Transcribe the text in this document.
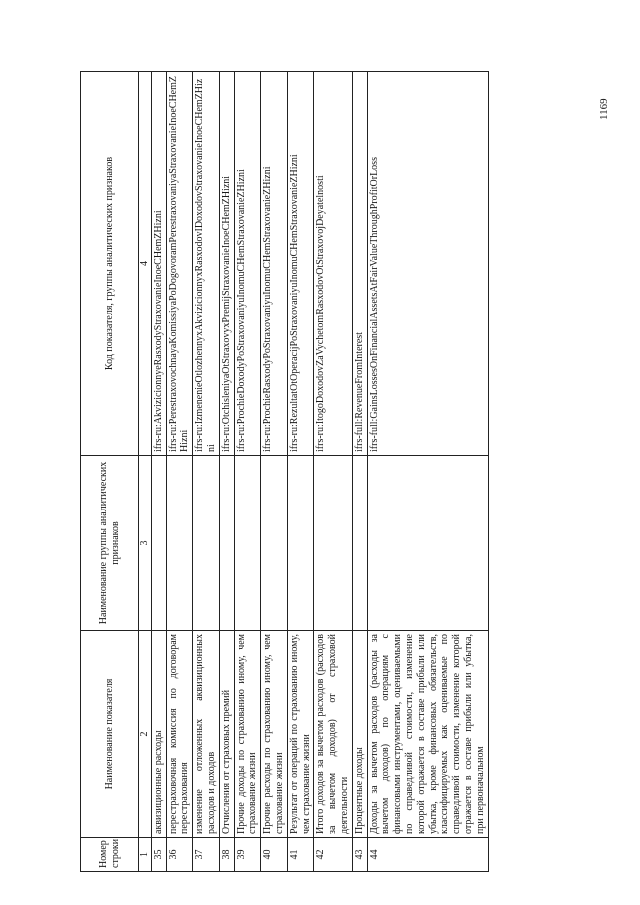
1169
Номер строки	Наименование показателя	Наименование группы аналитических признаков	Код показателя, группы аналитических признаков
1	2	3	4
35	аквизиционные расходы		ifrs-ru:AkvizicionnyeRasxodyStraxovanieInoeCHemZHizni
36	перестраховочная комиссия по договорам перестрахования		ifrs-ru:PerestraxovochnayaKomissiyaPoDogovoramPerestraxovaniyaStraxovanieInoeCHemZHizni
37	изменение отложенных аквизиционных расходов и доходов		ifrs-ru:IzmenenieOtlozhennyxAkvizicionnyxRasxodovIDoxodovStraxovanieInoeCHemZHizni
38	Отчисления от страховых премий		ifrs-ru:OtchisleniyaOtStraxovyxPremijStraxovanieInoeCHemZHizni
39	Прочие доходы по страхованию иному, чем страхование жизни		ifrs-ru:ProchieDoxodyPoStraxovaniyuInomuCHemStraxovanieZHizni
40	Прочие расходы по страхованию иному, чем страхование жизни		ifrs-ru:ProchieRasxodyPoStraxovaniyuInomuCHemStraxovanieZHizni
41	Результат от операций по страхованию иному, чем страхование жизни		ifrs-ru:RezultatOtOperacijPoStraxovaniyuInomuCHemStraxovanieZHizni
42	Итого доходов за вычетом расходов (расходов за вычетом доходов) от страховой деятельности		ifrs-ru:ItogoDoxodovZaVychetomRasxodovOtStraxovojDeyatelnosti
43	Процентные доходы		ifrs-full:RevenueFromInterest
44	Доходы за вычетом расходов (расходы за вычетом доходов) по операциям с финансовыми инструментами, оцениваемыми по справедливой стоимости, изменение которой отражается в составе прибыли или убытка, кроме финансовых обязательств, классифицируемых как оцениваемые по справедливой стоимости, изменение которой отражается в составе прибыли или убытка, при первоначальном		ifrs-full:GainsLossesOnFinancialAssetsAtFairValueThroughProfitOrLoss
